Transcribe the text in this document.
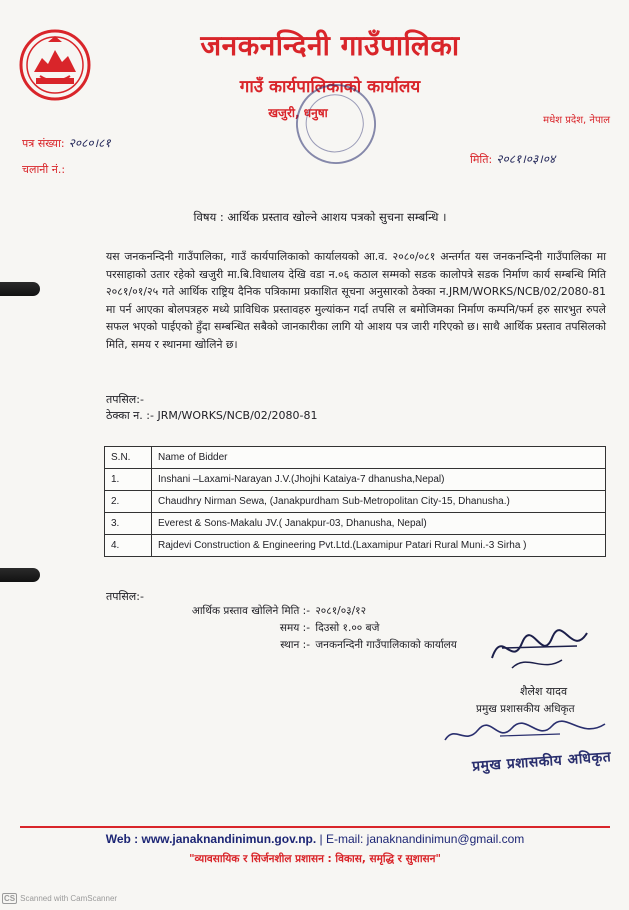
जनकनन्दिनी गाउँपालिका
गाउँ कार्यपालिकाको कार्यालय
खजुरी, धनुषा
मधेश प्रदेश, नेपाल
पत्र संख्या: २०८०।८१
चलानी नं.:
मिति: २०८१।०३।०४
विषय : आर्थिक प्रस्ताव खोल्ने आशय पत्रको सुचना सम्बन्धि ।
यस जनकनन्दिनी गाउँपालिका, गाउँ कार्यपालिकाको कार्यालयको आ.व. २०८०/०८१ अन्तर्गत यस जनकनन्दिनी गाउँपालिका मा परसाहाको उतार रहेको खजुरी मा.बि.विधालय देखि वडा न.०६ कठाल सम्मको सडक कालोपत्रे सडक निर्माण कार्य सम्बन्धि मिति २०८१/०१/२५ गते आर्थिक राष्ट्रिय दैनिक पत्रिकामा प्रकाशित सूचना अनुसारको ठेक्का न.JRM/WORKS/NCB/02/2080-81 मा पर्न आएका बोलपत्रहरु मध्ये प्राविधिक प्रस्तावहरु मुल्यांकन गर्दा तपसि ल बमोजिमका निर्माण कम्पनि/फर्म हरु सारभुत रुपले सफल भएको पाईएको हुँदा सम्बन्धित सबैको जानकारीका लागि यो आशय पत्र जारी गरिएको छ। साथै आर्थिक प्रस्ताव तपसिलको मिति, समय र स्थानमा खोलिने छ।
तपसिल:-
ठेक्का न. :- JRM/WORKS/NCB/02/2080-81
S.N.	Name of Bidder
1.	Inshani –Laxami-Narayan J.V.(Jhojhi Kataiya-7 dhanusha,Nepal)
2.	Chaudhry Nirman Sewa, (Janakpurdham Sub-Metropolitan City-15, Dhanusha.)
3.	Everest & Sons-Makalu JV.( Janakpur-03, Dhanusha, Nepal)
4.	Rajdevi Construction & Engineering Pvt.Ltd.(Laxamipur Patari Rural Muni.-3 Sirha )
तपसिल:-
आर्थिक प्रस्ताव खोलिने मिति :-
२०८१/०३/१२
समय :-
दिउसो १.०० बजे
स्थान :-
जनकनन्दिनी गाउँपालिकाको कार्यालय
शैलेश यादव
प्रमुख प्रशासकीय अधिकृत
प्रमुख प्रशासकीय अधिकृत
Web : www.janaknandinimun.gov.np. | E-mail: janaknandinimun@gmail.com
"व्यावसायिक र सिर्जनशील प्रशासन : विकास, समृद्धि र सुशासन"
CS Scanned with CamScanner
